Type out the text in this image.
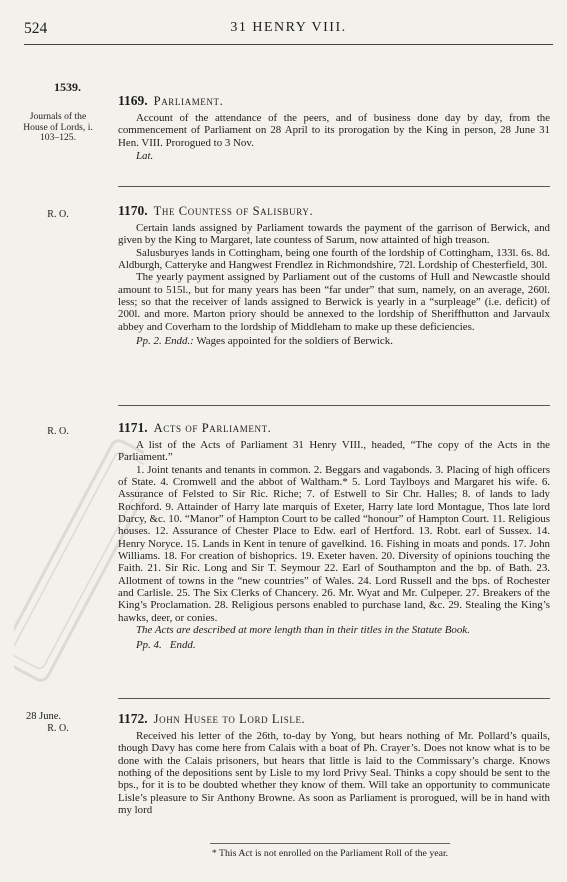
524	31 HENRY VIII.
1539.
Journals of the House of Lords, i. 103–125.
1169. Parliament.

Account of the attendance of the peers, and of business done day by day, from the commencement of Parliament on 28 April to its prorogation by the King in person, 28 June 31 Hen. VIII. Prorogued to 3 Nov.

Lat.
R. O.	1170. The Countess of Salisbury.

Certain lands assigned by Parliament towards the payment of the garrison of Berwick, and given by the King to Margaret, late countess of Sarum, now attainted of high treason.

Salusburyes lands in Cottingham, being one fourth of the lordship of Cottingham, 133l. 6s. 8d. Aldburgh, Catteryke and Hangwest Frendlez in Richmondshire, 72l. Lordship of Chesterfield, 30l.

The yearly payment assigned by Parliament out of the customs of Hull and Newcastle should amount to 515l., but for many years has been “far under” that sum, namely, on an average, 260l. less; so that the receiver of lands assigned to Berwick is yearly in a “surpleage” (i.e. deficit) of 200l. and more. Marton priory should be annexed to the lordship of Sheriffhutton and Jarvaulx abbey and Coverham to the lordship of Middleham to make up these deficiencies.

Pp. 2. Endd.: Wages appointed for the soldiers of Berwick.
R. O.	1171. Acts of Parliament.

A list of the Acts of Parliament 31 Henry VIII., headed, “The copy of the Acts in the Parliament.”

1. Joint tenants and tenants in common. 2. Beggars and vagabonds. 3. Placing of high officers of State. 4. Cromwell and the abbot of Waltham.* 5. Lord Taylboys and Margaret his wife. 6. Assurance of Felsted to Sir Ric. Riche; 7. of Estwell to Sir Chr. Halles; 8. of lands to lady Rochford. 9. Attainder of Harry late marquis of Exeter, Harry late lord Montague, Thos late lord Darcy, &c. 10. “Manor” of Hampton Court to be called “honour” of Hampton Court. 11. Religious houses. 12. Assurance of Chester Place to Edw. earl of Hertford. 13. Robt. earl of Sussex. 14. Henry Noryce. 15. Lands in Kent in tenure of gavelkind. 16. Fishing in moats and ponds. 17. John Williams. 18. For creation of bishoprics. 19. Exeter haven. 20. Diversity of opinions touching the Faith. 21. Sir Ric. Long and Sir T. Seymour 22. Earl of Southampton and the bp. of Bath. 23. Allotment of towns in the “new countries” of Wales. 24. Lord Russell and the bps. of Rochester and Carlisle. 25. The Six Clerks of Chancery. 26. Mr. Wyat and Mr. Culpeper. 27. Breakers of the King’s Proclamation. 28. Religious persons enabled to purchase land, &c. 29. Stealing the King’s hawks, deer, or conies.

The Acts are described at more length than in their titles in the Statute Book.

Pp. 4. Endd.
28 June.
R. O.
1172. John Husee to Lord Lisle.

Received his letter of the 26th, to-day by Yong, but hears nothing of Mr. Pollard’s quails, though Davy has come here from Calais with a boat of Ph. Crayer’s. Does not know what is to be done with the Calais prisoners, but hears that little is laid to the Commissary’s charge. Knows nothing of the depositions sent by Lisle to my lord Privy Seal. Thinks a copy should be sent to the bps., for it is to be doubted whether they know of them. Will take an opportunity to communicate Lisle’s pleasure to Sir Anthony Browne. As soon as Parliament is prorogued, will be in hand with my lord

* This Act is not enrolled on the Parliament Roll of the year.
